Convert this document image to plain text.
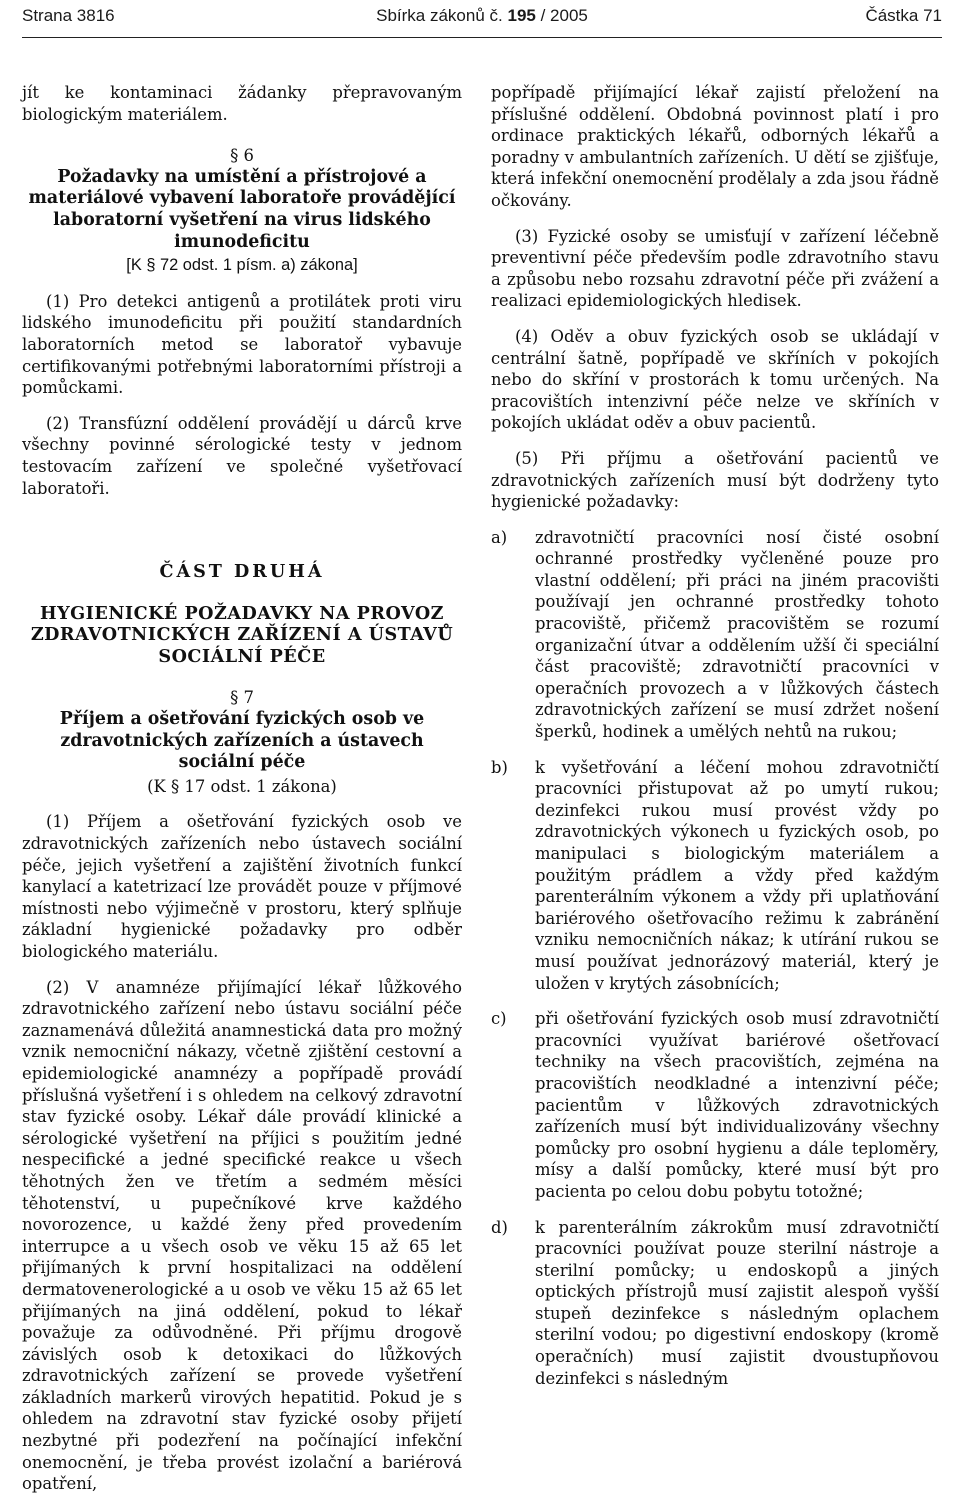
Strana 3816	Sbírka zákonů č. 195 / 2005	Částka 71

jít ke kontaminaci žádanky přepravovaným biologickým materiálem.

§ 6

Požadavky na umístění a přístrojové a materiálové vybavení laboratoře provádějící laboratorní vyšetření na virus lidského imunodeficitu

[K § 72 odst. 1 písm. a) zákona]

(1) Pro detekci antigenů a protilátek proti viru lidského imunodeficitu při použití standardních laboratorních metod se laboratoř vybavuje certifikovanými potřebnými laboratorními přístroji a pomůckami.

(2) Transfúzní oddělení provádějí u dárců krve všechny povinné sérologické testy v jednom testovacím zařízení ve společné vyšetřovací laboratoři.

ČÁST DRUHÁ

HYGIENICKÉ POŽADAVKY NA PROVOZ ZDRAVOTNICKÝCH ZAŘÍZENÍ A ÚSTAVŮ SOCIÁLNÍ PÉČE

§ 7

Příjem a ošetřování fyzických osob ve zdravotnických zařízeních a ústavech sociální péče

(K § 17 odst. 1 zákona)

(1) Příjem a ošetřování fyzických osob ve zdravotnických zařízeních nebo ústavech sociální péče, jejich vyšetření a zajištění životních funkcí kanylací a katetrizací lze provádět pouze v příjmové místnosti nebo výjimečně v prostoru, který splňuje základní hygienické požadavky pro odběr biologického materiálu.

(2) V anamnéze přijímající lékař lůžkového zdravotnického zařízení nebo ústavu sociální péče zaznamenává důležitá anamnestická data pro možný vznik nemocniční nákazy, včetně zjištění cestovní a epidemiologické anamnézy a popřípadě provádí příslušná vyšetření i s ohledem na celkový zdravotní stav fyzické osoby. Lékař dále provádí klinické a sérologické vyšetření na příjici s použitím jedné nespecifické a jedné specifické reakce u všech těhotných žen ve třetím a sedmém měsíci těhotenství, u pupečníkové krve každého novorozence, u každé ženy před provedením interrupce a u všech osob ve věku 15 až 65 let přijímaných k první hospitalizaci na oddělení dermatovenerologické a u osob ve věku 15 až 65 let přijímaných na jiná oddělení, pokud to lékař považuje za odůvodněné. Při příjmu drogově závislých osob k detoxikaci do lůžkových zdravotnických zařízení se provede vyšetření základních markerů virových hepatitid. Pokud je s ohledem na zdravotní stav fyzické osoby přijetí nezbytné při podezření na počínající infekční onemocnění, je třeba provést izolační a bariérová opatření,

popřípadě přijímající lékař zajistí přeložení na příslušné oddělení. Obdobná povinnost platí i pro ordinace praktických lékařů, odborných lékařů a poradny v ambulantních zařízeních. U dětí se zjišťuje, která infekční onemocnění prodělaly a zda jsou řádně očkovány.

(3) Fyzické osoby se umisťují v zařízení léčebně preventivní péče především podle zdravotního stavu a způsobu nebo rozsahu zdravotní péče při zvážení a realizaci epidemiologických hledisek.

(4) Oděv a obuv fyzických osob se ukládají v centrální šatně, popřípadě ve skříních v pokojích nebo do skříní v prostorách k tomu určených. Na pracovištích intenzivní péče nelze ve skříních v pokojích ukládat oděv a obuv pacientů.

(5) Při příjmu a ošetřování pacientů ve zdravotnických zařízeních musí být dodrženy tyto hygienické požadavky:

a)	zdravotničtí pracovníci nosí čisté osobní ochranné prostředky vyčleněné pouze pro vlastní oddělení; při práci na jiném pracovišti používají jen ochranné prostředky tohoto pracoviště, přičemž pracovištěm se rozumí organizační útvar a oddělením užší či speciální část pracoviště; zdravotničtí pracovníci v operačních provozech a v lůžkových částech zdravotnických zařízení se musí zdržet nošení šperků, hodinek a umělých nehtů na rukou;
b)	k vyšetřování a léčení mohou zdravotničtí pracovníci přistupovat až po umytí rukou; dezinfekci rukou musí provést vždy po zdravotnických výkonech u fyzických osob, po manipulaci s biologickým materiálem a použitým prádlem a vždy před každým parenterálním výkonem a vždy při uplatňování bariérového ošetřovacího režimu k zabránění vzniku nemocničních nákaz; k utírání rukou se musí používat jednorázový materiál, který je uložen v krytých zásobnících;
c)	při ošetřování fyzických osob musí zdravotničtí pracovníci využívat bariérové ošetřovací techniky na všech pracovištích, zejména na pracovištích neodkladné a intenzivní péče; pacientům v lůžkových zdravotnických zařízeních musí být individualizovány všechny pomůcky pro osobní hygienu a dále teploměry, mísy a další pomůcky, které musí být pro pacienta po celou dobu pobytu totožné;
d)	k parenterálním zákrokům musí zdravotničtí pracovníci používat pouze sterilní nástroje a sterilní pomůcky; u endoskopů a jiných optických přístrojů musí zajistit alespoň vyšší stupeň dezinfekce s následným oplachem sterilní vodou; po digestivní endoskopy (kromě operačních) musí zajistit dvoustupňovou dezinfekci s následným
